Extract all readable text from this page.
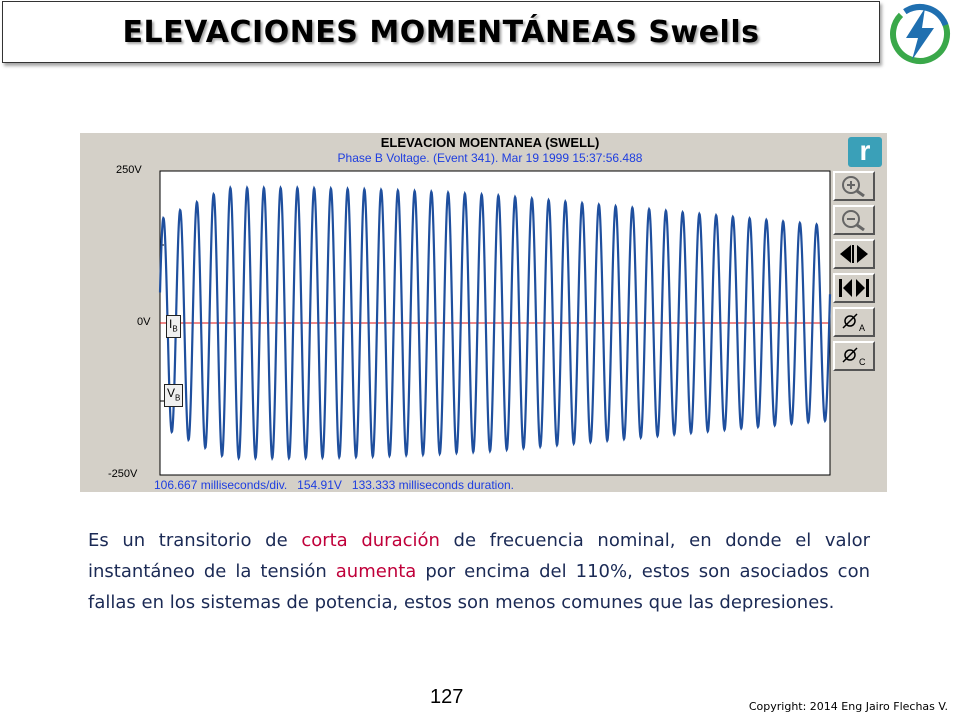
ELEVACIONES MOMENTÁNEAS Swells
ELEVACION MOENTANEA (SWELL)
Phase B Voltage. (Event 341). Mar 19 1999 15:37:56.488
250V
0V
-250V
$I_B$
$V_B$
r
A
C
106.667 milliseconds/div.   154.91V   133.333 milliseconds duration.
Es un transitorio de corta duración de frecuencia nominal, en donde el valor instantáneo de la tensión aumenta por encima del 110%, estos son asociados con fallas en los sistemas de potencia, estos son menos comunes que las depresiones.
127	Copyright: 2014 Eng Jairo Flechas V.
